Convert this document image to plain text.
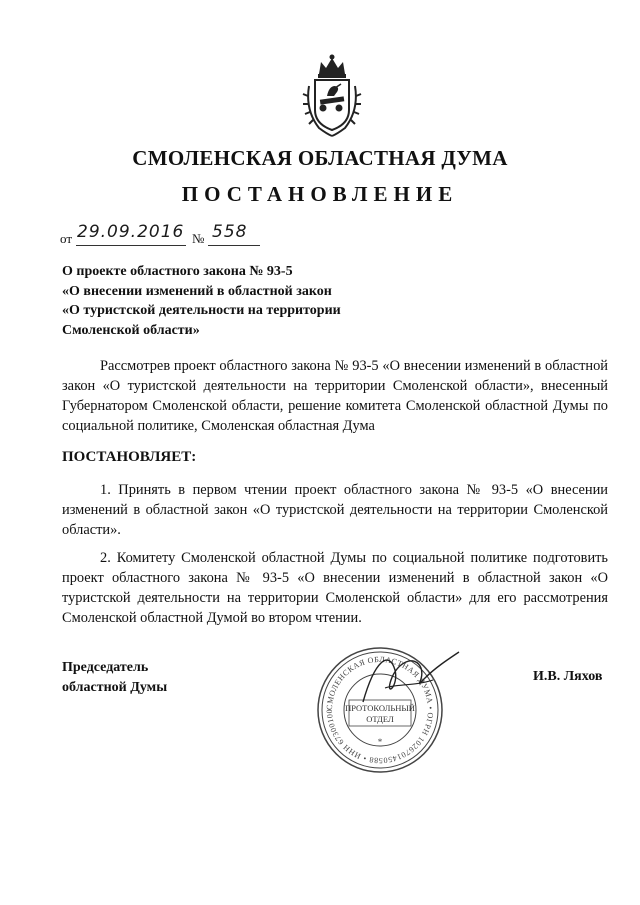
СМОЛЕНСКАЯ ОБЛАСТНАЯ ДУМА
ПОСТАНОВЛЕНИЕ
от 29.09.2016 № 558
О проекте областного закона № 93-5
«О внесении изменений в областной закон
«О туристской деятельности на территории
Смоленской области»
Рассмотрев проект областного закона № 93-5 «О внесении изменений в областной закон «О туристской деятельности на территории Смоленской области», внесенный Губернатором Смоленской области, решение комитета Смоленской областной Думы по социальной политике, Смоленская областная Дума
ПОСТАНОВЛЯЕТ:
1. Принять в первом чтении проект областного закона № 93-5 «О внесении изменений в областной закон «О туристской деятельности на территории Смоленской области».
2. Комитету Смоленской областной Думы по социальной политике подготовить проект областного закона № 93-5 «О внесении изменений в областной закон «О туристской деятельности на территории Смоленской области» для его рассмотрения Смоленской областной Думой во втором чтении.
Председатель
областной Думы
И.В. Ляхов
СМОЛЕНСКАЯ ОБЛАСТНАЯ ДУМА • ОГРН 1026701450588 • ИНН 67300100	ПРОТОКОЛЬНЫЙ
ОТДЕЛ
*
